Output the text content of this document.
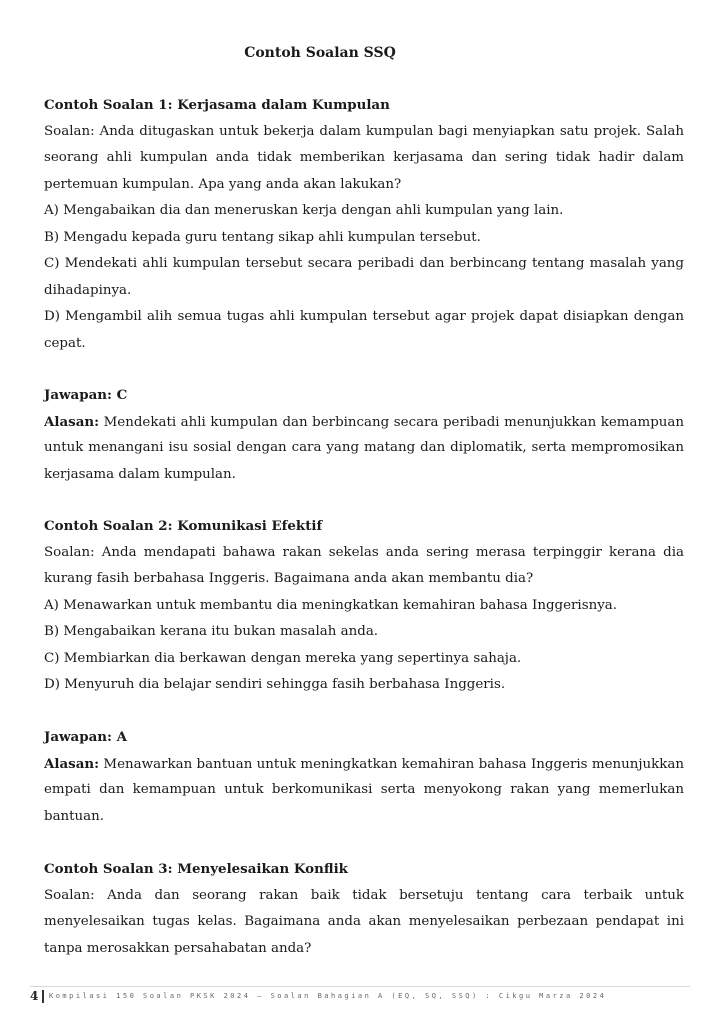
Contoh Soalan SSQ
Contoh Soalan 1: Kerjasama dalam Kumpulan
Soalan: Anda ditugaskan untuk bekerja dalam kumpulan bagi menyiapkan satu projek. Salah
seorang ahli kumpulan anda tidak memberikan kerjasama dan sering tidak hadir dalam
pertemuan kumpulan. Apa yang anda akan lakukan?
A) Mengabaikan dia dan meneruskan kerja dengan ahli kumpulan yang lain.
B) Mengadu kepada guru tentang sikap ahli kumpulan tersebut.
C) Mendekati ahli kumpulan tersebut secara peribadi dan berbincang tentang masalah yang
dihadapinya.
D) Mengambil alih semua tugas ahli kumpulan tersebut agar projek dapat disiapkan dengan
cepat.
Jawapan: C
Alasan: Mendekati ahli kumpulan dan berbincang secara peribadi menunjukkan kemampuan
untuk menangani isu sosial dengan cara yang matang dan diplomatik, serta mempromosikan
kerjasama dalam kumpulan.
Contoh Soalan 2: Komunikasi Efektif
Soalan: Anda mendapati bahawa rakan sekelas anda sering merasa terpinggir kerana dia
kurang fasih berbahasa Inggeris. Bagaimana anda akan membantu dia?
A) Menawarkan untuk membantu dia meningkatkan kemahiran bahasa Inggerisnya.
B) Mengabaikan kerana itu bukan masalah anda.
C) Membiarkan dia berkawan dengan mereka yang sepertinya sahaja.
D) Menyuruh dia belajar sendiri sehingga fasih berbahasa Inggeris.
Jawapan: A
Alasan: Menawarkan bantuan untuk meningkatkan kemahiran bahasa Inggeris menunjukkan
empati dan kemampuan untuk berkomunikasi serta menyokong rakan yang memerlukan
bantuan.
Contoh Soalan 3: Menyelesaikan Konflik
Soalan: Anda dan seorang rakan baik tidak bersetuju tentang cara terbaik untuk
menyelesaikan tugas kelas. Bagaimana anda akan menyelesaikan perbezaan pendapat ini
tanpa merosakkan persahabatan anda?
4 Kompilasi 150 Soalan PKSK 2024 – Soalan Bahagian A (EQ, SQ, SSQ) : Cikgu Marza 2024
